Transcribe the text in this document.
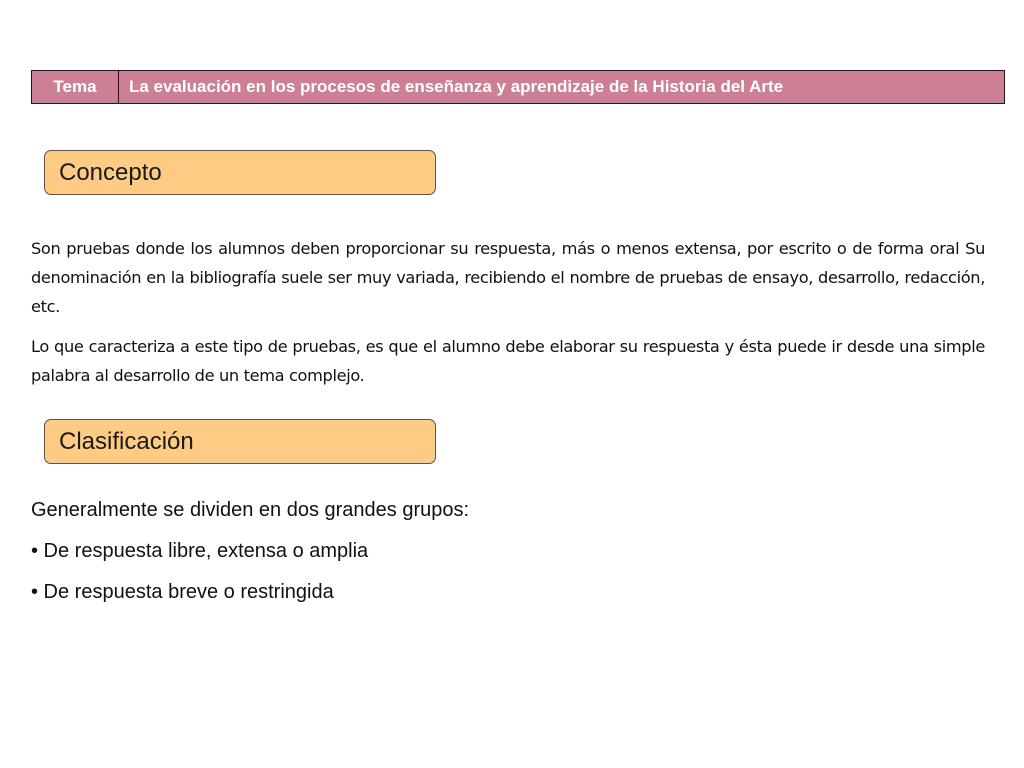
Tema	La evaluación en los procesos de enseñanza y aprendizaje de la Historia del Arte
Concepto

Son pruebas donde los alumnos deben proporcionar su respuesta, más o menos extensa, por escrito o de forma oral Su denominación en la bibliografía suele ser muy variada, recibiendo el nombre de pruebas de ensayo, desarrollo, redacción, etc.

Lo que caracteriza a este tipo de pruebas, es que el alumno debe elaborar su respuesta y ésta puede ir desde una simple palabra al desarrollo de un tema complejo.

Clasificación
Generalmente se dividen en dos grandes grupos:
• De respuesta libre, extensa o amplia
• De respuesta breve o restringida
